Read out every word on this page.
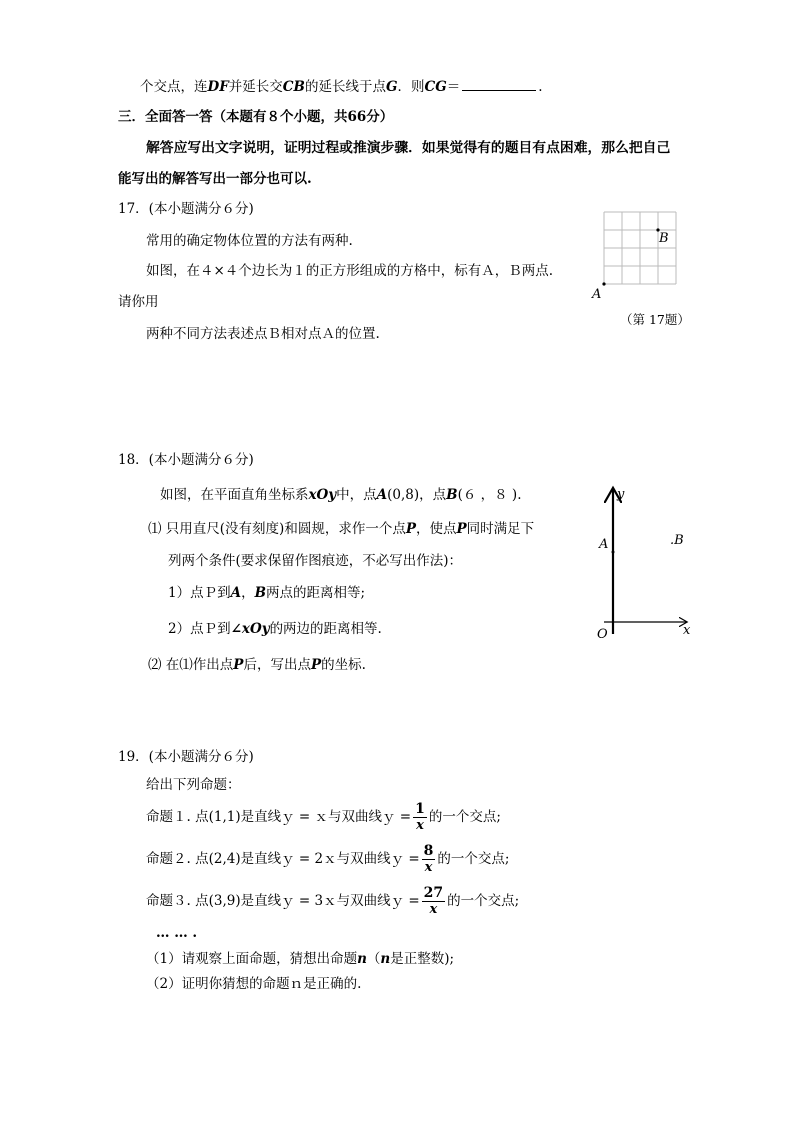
个交点，连DF并延长交CB的延长线于点G．则CG＝	.
三．全面答一答（本题有８个小题，共66分）
解答应写出文字说明，证明过程或推演步骤．如果觉得有的题目有点困难，那么把自己
能写出的解答写出一部分也可以.
17．(本小题满分６分)
常用的确定物体位置的方法有两种.
如图，在４×４个边长为１的正方形组成的方格中，标有Ａ，Ｂ两点.
请你用
两种不同方法表述点Ｂ相对点Ａ的位置.
A
B
（第 17题）
18．(本小题满分６分)
如图，在平面直角坐标系xOy中，点A(0,8)，点B(６ ，８ ).
⑴ 只用直尺(没有刻度)和圆规，求作一个点P，使点P同时满足下
列两个条件(要求保留作图痕迹，不必写出作法)：
1）点Ｐ到A，B两点的距离相等;
2）点Ｐ到∠xOy的两边的距离相等.
⑵ 在⑴作出点P后，写出点P的坐标.
y
x
O
A	.B
19．(本小题满分６分)
给出下列命题：
命题１. 点(1,1)是直线ｙ = ｘ与双曲线ｙ = $\frac{1}{x}$ 的一个交点;
命题２. 点(2,4)是直线ｙ = 2ｘ与双曲线ｙ = $\frac{8}{x}$ 的一个交点;
命题３. 点(3,9)是直线ｙ = 3ｘ与双曲线ｙ = $\frac{27}{x}$ 的一个交点;
… … .
（1）请观察上面命题，猜想出命题n（n是正整数);
（2）证明你猜想的命题ｎ是正确的.
